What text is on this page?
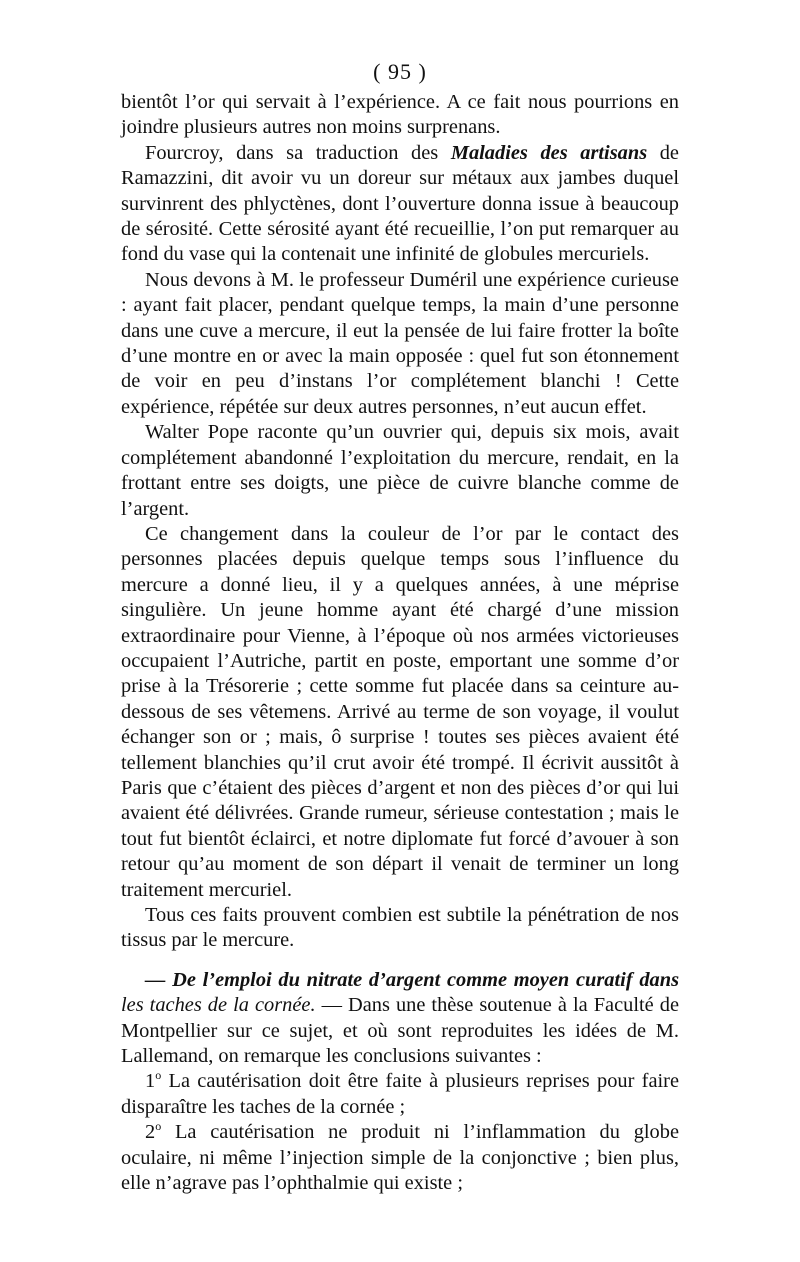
( 95 )

bientôt l’or qui servait à l’expérience. A ce fait nous pourrions en joindre plusieurs autres non moins surprenans.

Fourcroy, dans sa traduction des Maladies des artisans de Ramazzini, dit avoir vu un doreur sur métaux aux jambes duquel survinrent des phlyctènes, dont l’ouverture donna issue à beaucoup de sérosité. Cette sérosité ayant été recueillie, l’on put remarquer au fond du vase qui la contenait une infinité de globules mercuriels.

Nous devons à M. le professeur Duméril une expérience curieuse : ayant fait placer, pendant quelque temps, la main d’une personne dans une cuve a mercure, il eut la pensée de lui faire frotter la boîte d’une montre en or avec la main opposée : quel fut son étonnement de voir en peu d’instans l’or complétement blanchi ! Cette expérience, répétée sur deux autres personnes, n’eut aucun effet.

Walter Pope raconte qu’un ouvrier qui, depuis six mois, avait complétement abandonné l’exploitation du mercure, rendait, en la frottant entre ses doigts, une pièce de cuivre blanche comme de l’argent.

Ce changement dans la couleur de l’or par le contact des personnes placées depuis quelque temps sous l’influence du mercure a donné lieu, il y a quelques années, à une méprise singulière. Un jeune homme ayant été chargé d’une mission extraordinaire pour Vienne, à l’époque où nos armées victorieuses occupaient l’Autriche, partit en poste, emportant une somme d’or prise à la Trésorerie ; cette somme fut placée dans sa ceinture au-dessous de ses vêtemens. Arrivé au terme de son voyage, il voulut échanger son or ; mais, ô surprise ! toutes ses pièces avaient été tellement blanchies qu’il crut avoir été trompé. Il écrivit aussitôt à Paris que c’étaient des pièces d’argent et non des pièces d’or qui lui avaient été délivrées. Grande rumeur, sérieuse contestation ; mais le tout fut bientôt éclairci, et notre diplomate fut forcé d’avouer à son retour qu’au moment de son départ il venait de terminer un long traitement mercuriel.

Tous ces faits prouvent combien est subtile la pénétration de nos tissus par le mercure.

— De l’emploi du nitrate d’argent comme moyen curatif dans les taches de la cornée. — Dans une thèse soutenue à la Faculté de Montpellier sur ce sujet, et où sont reproduites les idées de M. Lallemand, on remarque les conclusions suivantes :

1$^o$ La cautérisation doit être faite à plusieurs reprises pour faire disparaître les taches de la cornée ;

2$^o$ La cautérisation ne produit ni l’inflammation du globe oculaire, ni même l’injection simple de la conjonctive ; bien plus, elle n’agrave pas l’ophthalmie qui existe ;
